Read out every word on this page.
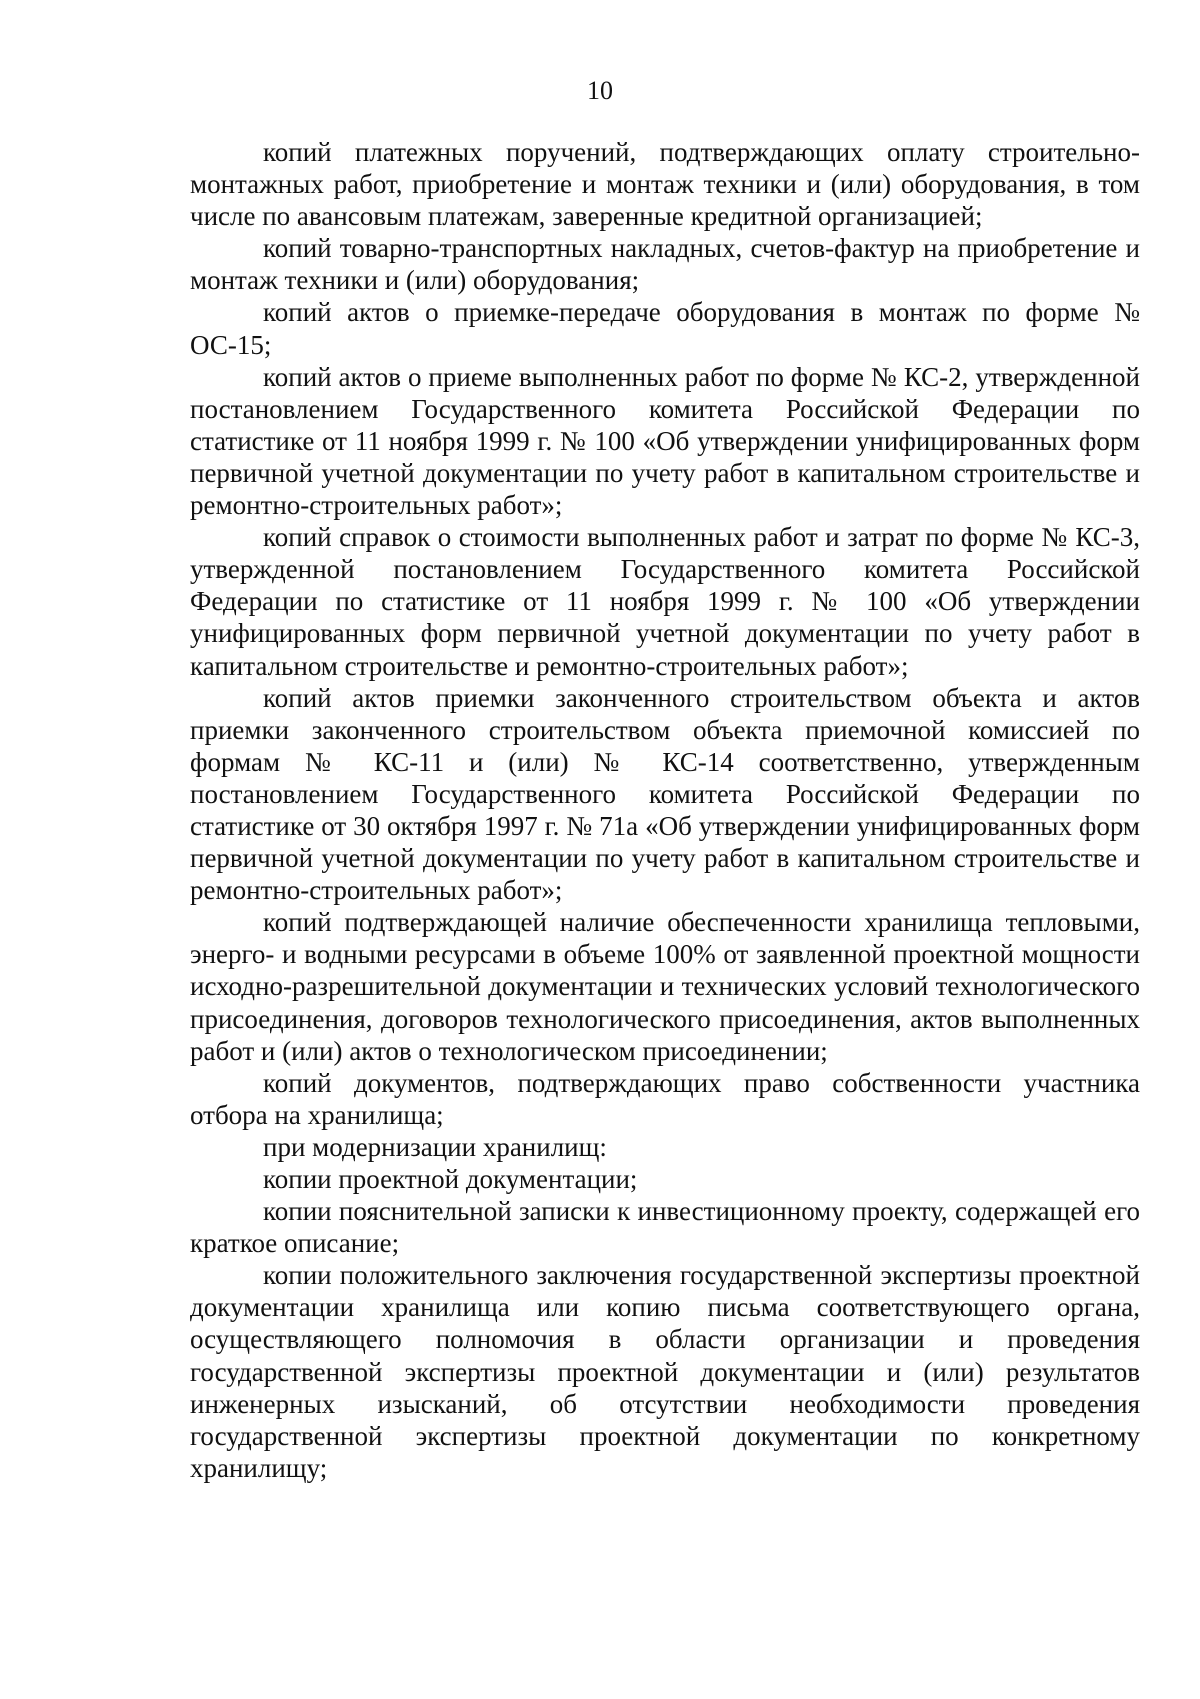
10

копий платежных поручений, подтверждающих оплату строительно-монтажных работ, приобретение и монтаж техники и (или) оборудования, в том числе по авансовым платежам, заверенные кредитной организацией;

копий товарно-транспортных накладных, счетов-фактур на приобретение и монтаж техники и (или) оборудования;

копий актов о приемке-передаче оборудования в монтаж по форме № ОС-15;

копий актов о приеме выполненных работ по форме № КС-2, утвержденной постановлением Государственного комитета Российской Федерации по статистике от 11 ноября 1999 г. № 100 «Об утверждении унифицированных форм первичной учетной документации по учету работ в капитальном строительстве и ремонтно-строительных работ»;

копий справок о стоимости выполненных работ и затрат по форме № КС-3, утвержденной постановлением Государственного комитета Российской Федерации по статистике от 11 ноября 1999 г. № 100 «Об утверждении унифицированных форм первичной учетной документации по учету работ в капитальном строительстве и ремонтно-строительных работ»;

копий актов приемки законченного строительством объекта и актов приемки законченного строительством объекта приемочной комиссией по формам № КС-11 и (или) № КС-14 соответственно, утвержденным постановлением Государственного комитета Российской Федерации по статистике от 30 октября 1997 г. № 71а «Об утверждении унифицированных форм первичной учетной документации по учету работ в капитальном строительстве и ремонтно-строительных работ»;

копий подтверждающей наличие обеспеченности хранилища тепловыми, энерго- и водными ресурсами в объеме 100% от заявленной проектной мощности исходно-разрешительной документации и технических условий технологического присоединения, договоров технологического присоединения, актов выполненных работ и (или) актов о технологическом присоединении;

копий документов, подтверждающих право собственности участника отбора на хранилища;

при модернизации хранилищ:

копии проектной документации;

копии пояснительной записки к инвестиционному проекту, содержащей его краткое описание;

копии положительного заключения государственной экспертизы проектной документации хранилища или копию письма соответствующего органа, осуществляющего полномочия в области организации и проведения государственной экспертизы проектной документации и (или) результатов инженерных изысканий, об отсутствии необходимости проведения государственной экспертизы проектной документации по конкретному хранилищу;
